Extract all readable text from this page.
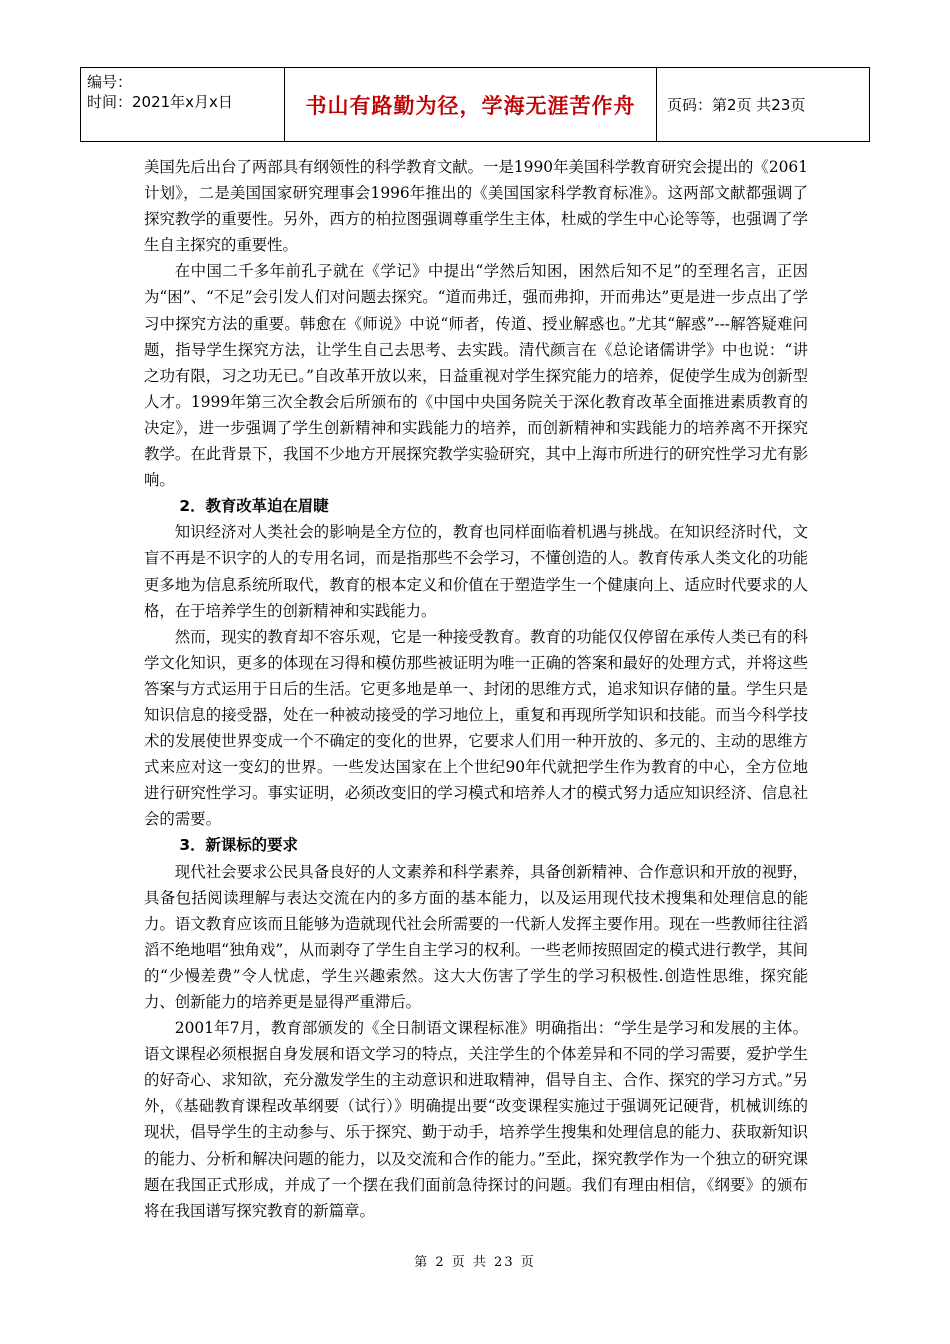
编号：
时间：2021年x月x日	书山有路勤为径，学海无涯苦作舟	页码：第2页 共23页

美国先后出台了两部具有纲领性的科学教育文献。一是1990年美国科学教育研究会提出的《2061计划》，二是美国国家研究理事会1996年推出的《美国国家科学教育标准》。这两部文献都强调了探究教学的重要性。另外，西方的柏拉图强调尊重学生主体，杜威的学生中心论等等，也强调了学生自主探究的重要性。

在中国二千多年前孔子就在《学记》中提出“学然后知困，困然后知不足”的至理名言，正因为“困”、“不足”会引发人们对问题去探究。“道而弗迁，强而弗抑，开而弗达”更是进一步点出了学习中探究方法的重要。韩愈在《师说》中说“师者，传道、授业解惑也。”尤其“解惑”---解答疑难问题，指导学生探究方法，让学生自己去思考、去实践。清代颜言在《总论诸儒讲学》中也说：“讲之功有限，习之功无已。”自改革开放以来，日益重视对学生探究能力的培养，促使学生成为创新型人才。1999年第三次全教会后所颁布的《中国中央国务院关于深化教育改革全面推进素质教育的决定》，进一步强调了学生创新精神和实践能力的培养，而创新精神和实践能力的培养离不开探究教学。在此背景下，我国不少地方开展探究教学实验研究，其中上海市所进行的研究性学习尤有影响。

2．教育改革迫在眉睫

知识经济对人类社会的影响是全方位的，教育也同样面临着机遇与挑战。在知识经济时代，文盲不再是不识字的人的专用名词，而是指那些不会学习，不懂创造的人。教育传承人类文化的功能更多地为信息系统所取代，教育的根本定义和价值在于塑造学生一个健康向上、适应时代要求的人格，在于培养学生的创新精神和实践能力。

然而，现实的教育却不容乐观，它是一种接受教育。教育的功能仅仅停留在承传人类已有的科学文化知识，更多的体现在习得和模仿那些被证明为唯一正确的答案和最好的处理方式，并将这些答案与方式运用于日后的生活。它更多地是单一、封闭的思维方式，追求知识存储的量。学生只是知识信息的接受器，处在一种被动接受的学习地位上，重复和再现所学知识和技能。而当今科学技术的发展使世界变成一个不确定的变化的世界，它要求人们用一种开放的、多元的、主动的思维方式来应对这一变幻的世界。一些发达国家在上个世纪90年代就把学生作为教育的中心，全方位地进行研究性学习。事实证明，必须改变旧的学习模式和培养人才的模式努力适应知识经济、信息社会的需要。

3．新课标的要求

现代社会要求公民具备良好的人文素养和科学素养，具备创新精神、合作意识和开放的视野，具备包括阅读理解与表达交流在内的多方面的基本能力，以及运用现代技术搜集和处理信息的能力。语文教育应该而且能够为造就现代社会所需要的一代新人发挥主要作用。现在一些教师往往滔滔不绝地唱“独角戏”，从而剥夺了学生自主学习的权利。一些老师按照固定的模式进行教学，其间的“少慢差费”令人忧虑，学生兴趣索然。这大大伤害了学生的学习积极性.创造性思维，探究能力、创新能力的培养更是显得严重滞后。

2001年7月，教育部颁发的《全日制语文课程标准》明确指出：“学生是学习和发展的主体。语文课程必须根据自身发展和语文学习的特点，关注学生的个体差异和不同的学习需要，爱护学生的好奇心、求知欲，充分激发学生的主动意识和进取精神，倡导自主、合作、探究的学习方式。”另外，《基础教育课程改革纲要（试行）》明确提出要“改变课程实施过于强调死记硬背，机械训练的现状，倡导学生的主动参与、乐于探究、勤于动手，培养学生搜集和处理信息的能力、获取新知识的能力、分析和解决问题的能力，以及交流和合作的能力。”至此，探究教学作为一个独立的研究课题在我国正式形成，并成了一个摆在我们面前急待探讨的问题。我们有理由相信，《纲要》的颁布将在我国谱写探究教育的新篇章。

第 2 页 共 23 页
